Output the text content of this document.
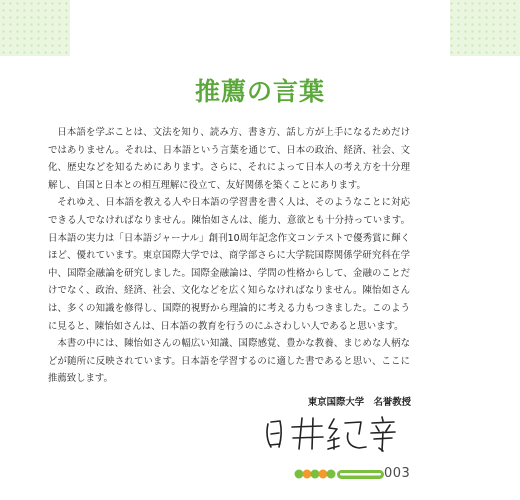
推薦の言葉

日本語を学ぶことは、文法を知り、読み方、書き方、話し方が上手になるためだけではありません。それは、日本語という言葉を通じて、日本の政治、経済、社会、文化、歴史などを知るためにあります。さらに、それによって日本人の考え方を十分理解し、自国と日本との相互理解に役立て、友好関係を築くことにあります。

それゆえ、日本語を教える人や日本語の学習書を書く人は、そのようなことに対応できる人でなければなりません。陳怡如さんは、能力、意欲とも十分持っています。日本語の実力は「日本語ジャーナル」創刊10周年記念作文コンテストで優秀賞に輝くほど、優れています。東京国際大学では、商学部さらに大学院国際関係学研究科在学中、国際金融論を研究しました。国際金融論は、学問の性格からして、金融のことだけでなく、政治、経済、社会、文化などを広く知らなければなりません。陳怡如さんは、多くの知識を修得し、国際的視野から理論的に考える力もつきました。このように見ると、陳怡如さんは、日本語の教育を行うのにふさわしい人であると思います。

本書の中には、陳怡如さんの幅広い知識、国際感覚、豊かな教養、まじめな人柄などが随所に反映されています。日本語を学習するのに適した書であると思い、ここに推薦致します。

東京国際大学　名誉教授
003
